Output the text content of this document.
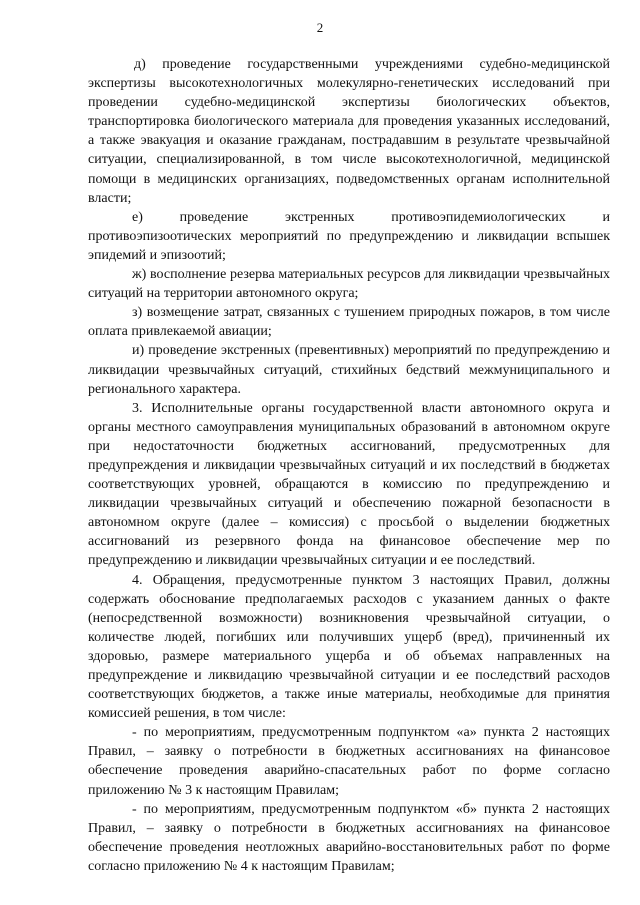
2

д) проведение государственными учреждениями судебно-медицинской экспертизы высокотехнологичных молекулярно-генетических исследований при проведении судебно-медицинской экспертизы биологических объектов, транспортировка биологического материала для проведения указанных исследований, а также эвакуация и оказание гражданам, пострадавшим в результате чрезвычайной ситуации, специализированной, в том числе высокотехнологичной, медицинской помощи в медицинских организациях, подведомственных органам исполнительной власти;

е) проведение экстренных противоэпидемиологических и противоэпизоотических мероприятий по предупреждению и ликвидации вспышек эпидемий и эпизоотий;

ж) восполнение резерва материальных ресурсов для ликвидации чрезвычайных ситуаций на территории автономного округа;

з) возмещение затрат, связанных с тушением природных пожаров, в том числе оплата привлекаемой авиации;

и) проведение экстренных (превентивных) мероприятий по предупреждению и ликвидации чрезвычайных ситуаций, стихийных бедствий межмуниципального и регионального характера.

3. Исполнительные органы государственной власти автономного округа и органы местного самоуправления муниципальных образований в автономном округе при недостаточности бюджетных ассигнований, предусмотренных для предупреждения и ликвидации чрезвычайных ситуаций и их последствий в бюджетах соответствующих уровней, обращаются в комиссию по предупреждению и ликвидации чрезвычайных ситуаций и обеспечению пожарной безопасности в автономном округе (далее – комиссия) с просьбой о выделении бюджетных ассигнований из резервного фонда на финансовое обеспечение мер по предупреждению и ликвидации чрезвычайных ситуации и ее последствий.

4. Обращения, предусмотренные пунктом 3 настоящих Правил, должны содержать обоснование предполагаемых расходов с указанием данных о факте (непосредственной возможности) возникновения чрезвычайной ситуации, о количестве людей, погибших или получивших ущерб (вред), причиненный их здоровью, размере материального ущерба и об объемах направленных на предупреждение и ликвидацию чрезвычайной ситуации и ее последствий расходов соответствующих бюджетов, а также иные материалы, необходимые для принятия комиссией решения, в том числе:

- по мероприятиям, предусмотренным подпунктом «а» пункта 2 настоящих Правил, – заявку о потребности в бюджетных ассигнованиях на финансовое обеспечение проведения аварийно-спасательных работ по форме согласно приложению № 3 к настоящим Правилам;

- по мероприятиям, предусмотренным подпунктом «б» пункта 2 настоящих Правил, – заявку о потребности в бюджетных ассигнованиях на финансовое обеспечение проведения неотложных аварийно-восстановительных работ по форме согласно приложению № 4 к настоящим Правилам;
